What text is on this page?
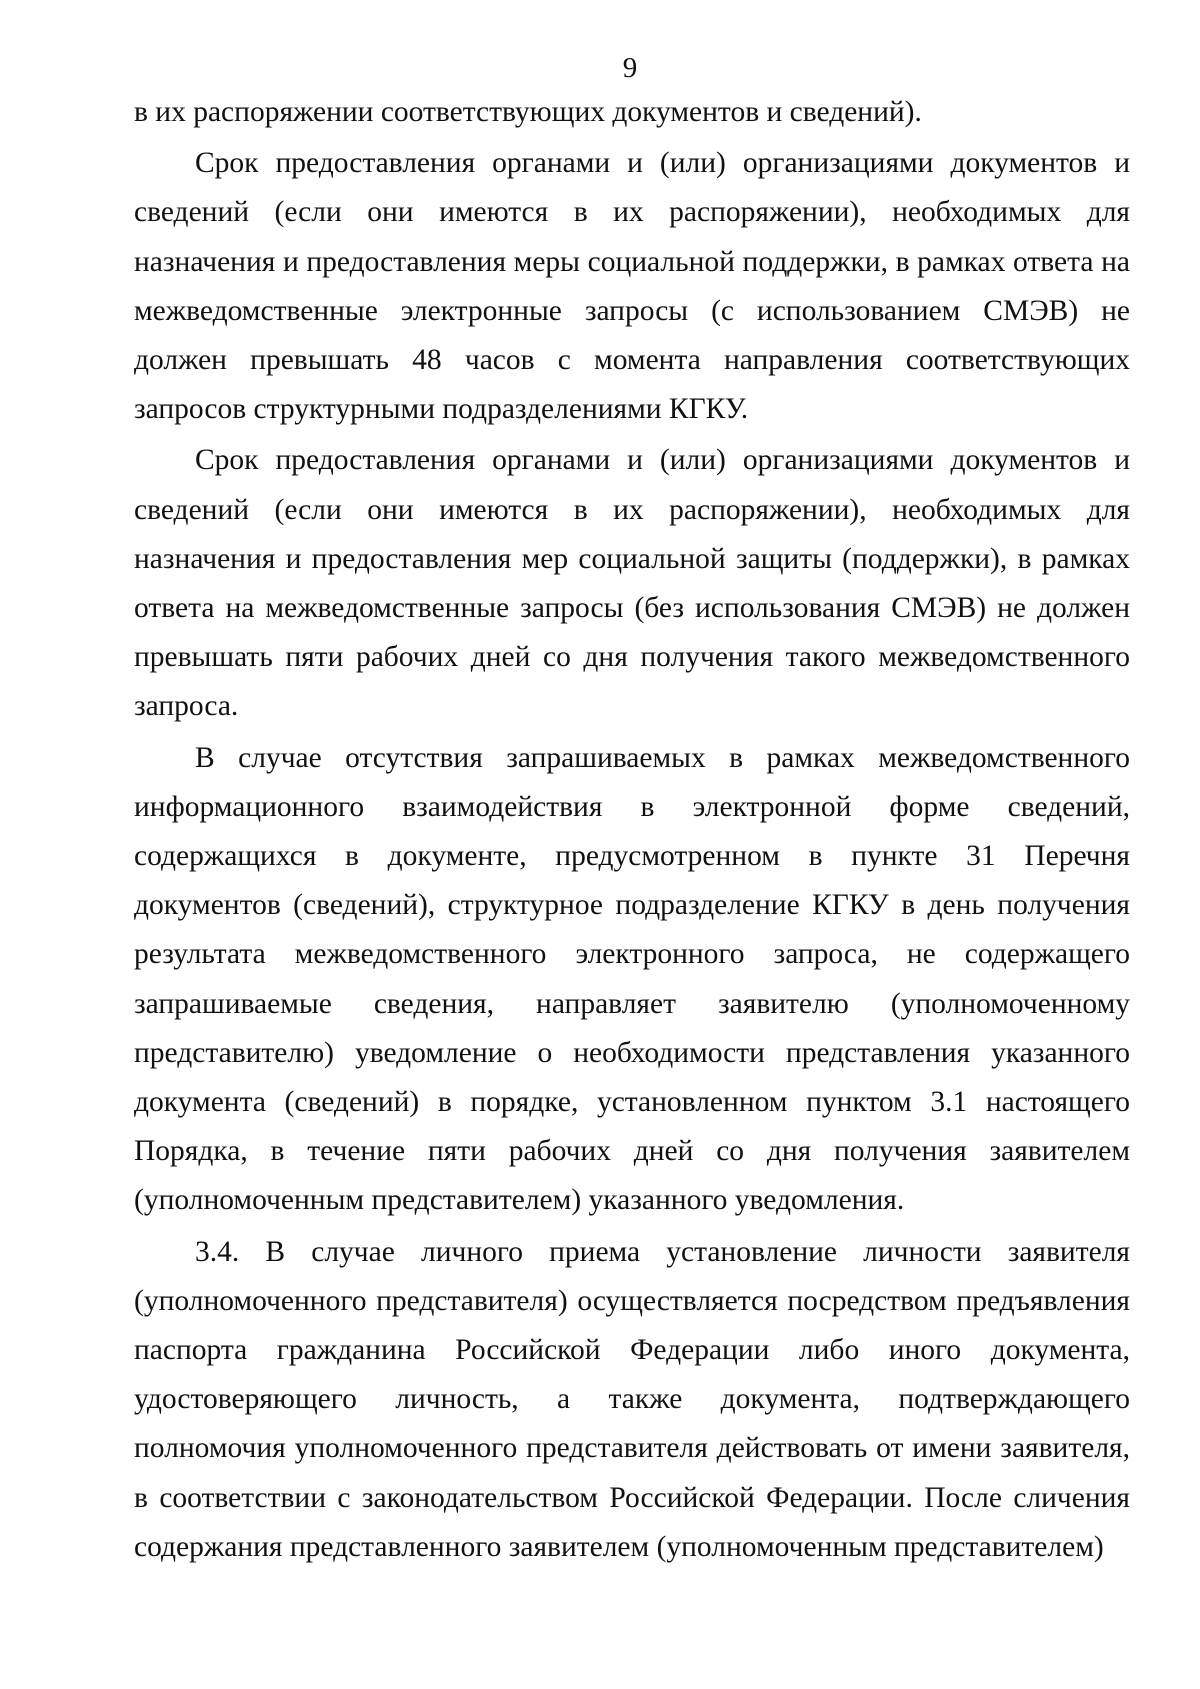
9

в их распоряжении соответствующих документов и сведений).

Срок предоставления органами и (или) организациями документов и сведений (если они имеются в их распоряжении), необходимых для назначения и предоставления меры социальной поддержки, в рамках ответа на межведомственные электронные запросы (с использованием СМЭВ) не должен превышать 48 часов с момента направления соответствующих запросов структурными подразделениями КГКУ.

Срок предоставления органами и (или) организациями документов и сведений (если они имеются в их распоряжении), необходимых для назначения и предоставления мер социальной защиты (поддержки), в рамках ответа на межведомственные запросы (без использования СМЭВ) не должен превышать пяти рабочих дней со дня получения такого межведомственного запроса.

В случае отсутствия запрашиваемых в рамках межведомственного информационного взаимодействия в электронной форме сведений, содержащихся в документе, предусмотренном в пункте 31 Перечня документов (сведений), структурное подразделение КГКУ в день получения результата межведомственного электронного запроса, не содержащего запрашиваемые сведения, направляет заявителю (уполномоченному представителю) уведомление о необходимости представления указанного документа (сведений) в порядке, установленном пунктом 3.1 настоящего Порядка, в течение пяти рабочих дней со дня получения заявителем (уполномоченным представителем) указанного уведомления.

3.4. В случае личного приема установление личности заявителя (уполномоченного представителя) осуществляется посредством предъявления паспорта гражданина Российской Федерации либо иного документа, удостоверяющего личность, а также документа, подтверждающего полномочия уполномоченного представителя действовать от имени заявителя, в соответствии с законодательством Российской Федерации. После сличения содержания представленного заявителем (уполномоченным представителем)
